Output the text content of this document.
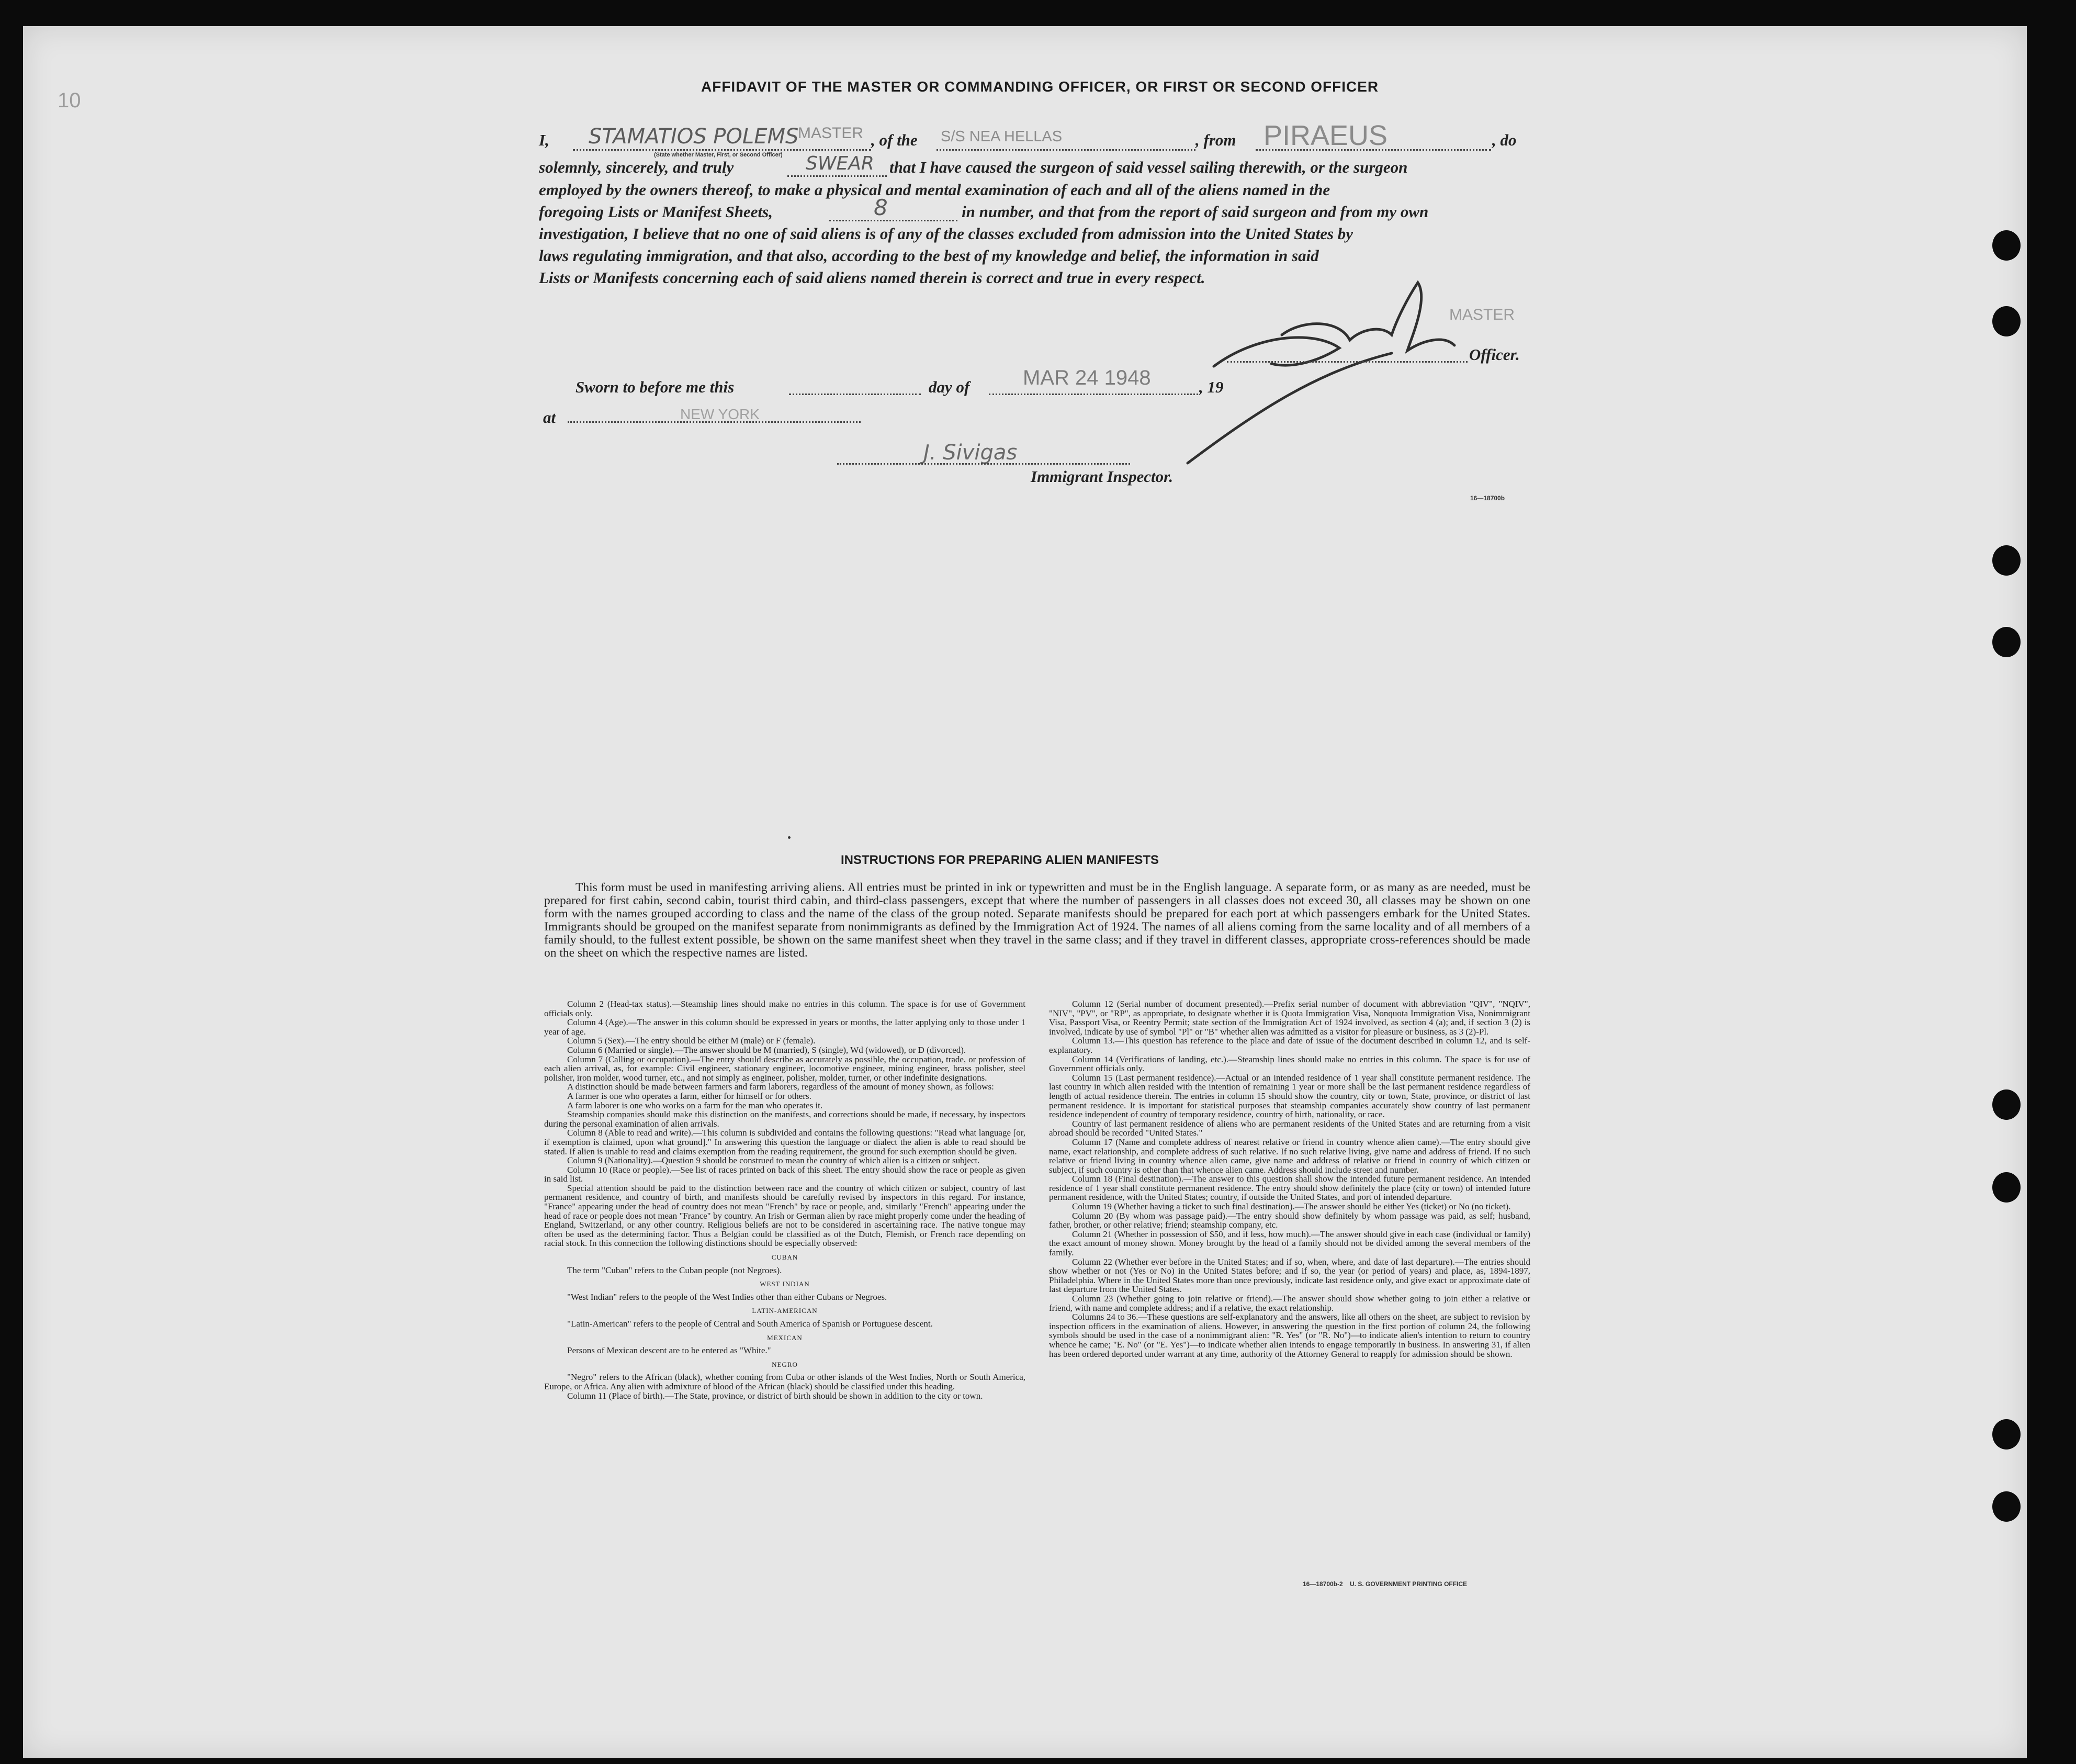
10
AFFIDAVIT OF THE MASTER OR COMMANDING OFFICER, OR FIRST OR SECOND OFFICER
I, STAMATIOS POLEMS
MASTER
(State whether Master, First, or Second Officer)
, of the S/S NEA HELLAS	, from PIRAEUS	, do
solemnly, sincerely, and truly	SWEAR that I have caused the surgeon of said vessel sailing therewith, or the surgeon
employed by the owners thereof, to make a physical and mental examination of each and all of the aliens named in the
foregoing Lists or Manifest Sheets,	8	in number, and that from the report of said surgeon and from my own
investigation, I believe that no one of said aliens is of any of the classes excluded from admission into the United States by
laws regulating immigration, and that also, according to the best of my knowledge and belief, the information in said
Lists or Manifests concerning each of said aliens named therein is correct and true in every respect.
MASTER
Officer.
Sworn to before me this	day of	MAR 24 1948	, 19
at	NEW YORK
J. Sivigas
Immigrant Inspector.
16—18700b
INSTRUCTIONS FOR PREPARING ALIEN MANIFESTS

This form must be used in manifesting arriving aliens. All entries must be printed in ink or typewritten and must be in the English language. A separate form, or as many as are needed, must be prepared for first cabin, second cabin, tourist third cabin, and third-class passengers, except that where the number of passengers in all classes does not exceed 30, all classes may be shown on one form with the names grouped according to class and the name of the class of the group noted. Separate manifests should be prepared for each port at which passengers embark for the United States. Immigrants should be grouped on the manifest separate from nonimmigrants as defined by the Immigration Act of 1924. The names of all aliens coming from the same locality and of all members of a family should, to the fullest extent possible, be shown on the same manifest sheet when they travel in the same class; and if they travel in different classes, appropriate cross-references should be made on the sheet on which the respective names are listed.

Column 2 (Head-tax status).—Steamship lines should make no entries in this column. The space is for use of Government officials only.

Column 4 (Age).—The answer in this column should be expressed in years or months, the latter applying only to those under 1 year of age.

Column 5 (Sex).—The entry should be either M (male) or F (female).

Column 6 (Married or single).—The answer should be M (married), S (single), Wd (widowed), or D (divorced).

Column 7 (Calling or occupation).—The entry should describe as accurately as possible, the occupation, trade, or profession of each alien arrival, as, for example: Civil engineer, stationary engineer, locomotive engineer, mining engineer, brass polisher, steel polisher, iron molder, wood turner, etc., and not simply as engineer, polisher, molder, turner, or other indefinite designations.

A distinction should be made between farmers and farm laborers, regardless of the amount of money shown, as follows:

A farmer is one who operates a farm, either for himself or for others.

A farm laborer is one who works on a farm for the man who operates it.

Steamship companies should make this distinction on the manifests, and corrections should be made, if necessary, by inspectors during the personal examination of alien arrivals.

Column 8 (Able to read and write).—This column is subdivided and contains the following questions: "Read what language [or, if exemption is claimed, upon what ground]." In answering this question the language or dialect the alien is able to read should be stated. If alien is unable to read and claims exemption from the reading requirement, the ground for such exemption should be given.

Column 9 (Nationality).—Question 9 should be construed to mean the country of which alien is a citizen or subject.

Column 10 (Race or people).—See list of races printed on back of this sheet. The entry should show the race or people as given in said list.

Special attention should be paid to the distinction between race and the country of which citizen or subject, country of last permanent residence, and country of birth, and manifests should be carefully revised by inspectors in this regard. For instance, "France" appearing under the head of country does not mean "French" by race or people, and, similarly "French" appearing under the head of race or people does not mean "France" by country. An Irish or German alien by race might properly come under the heading of England, Switzerland, or any other country. Religious beliefs are not to be considered in ascertaining race. The native tongue may often be used as the determining factor. Thus a Belgian could be classified as of the Dutch, Flemish, or French race depending on racial stock. In this connection the following distinctions should be especially observed:

CUBAN

The term "Cuban" refers to the Cuban people (not Negroes).

WEST INDIAN

"West Indian" refers to the people of the West Indies other than either Cubans or Negroes.

LATIN-AMERICAN

"Latin-American" refers to the people of Central and South America of Spanish or Portuguese descent.

MEXICAN

Persons of Mexican descent are to be entered as "White."

NEGRO

"Negro" refers to the African (black), whether coming from Cuba or other islands of the West Indies, North or South America, Europe, or Africa. Any alien with admixture of blood of the African (black) should be classified under this heading.

Column 11 (Place of birth).—The State, province, or district of birth should be shown in addition to the city or town.

Column 12 (Serial number of document presented).—Prefix serial number of document with abbreviation "QIV", "NQIV", "NIV", "PV", or "RP", as appropriate, to designate whether it is Quota Immigration Visa, Nonquota Immigration Visa, Nonimmigrant Visa, Passport Visa, or Reentry Permit; state section of the Immigration Act of 1924 involved, as section 4 (a); and, if section 3 (2) is involved, indicate by use of symbol "Pl" or "B" whether alien was admitted as a visitor for pleasure or business, as 3 (2)-Pl.

Column 13.—This question has reference to the place and date of issue of the document described in column 12, and is self-explanatory.

Column 14 (Verifications of landing, etc.).—Steamship lines should make no entries in this column. The space is for use of Government officials only.

Column 15 (Last permanent residence).—Actual or an intended residence of 1 year shall constitute permanent residence. The last country in which alien resided with the intention of remaining 1 year or more shall be the last permanent residence regardless of length of actual residence therein. The entries in column 15 should show the country, city or town, State, province, or district of last permanent residence. It is important for statistical purposes that steamship companies accurately show country of last permanent residence independent of country of temporary residence, country of birth, nationality, or race.

Country of last permanent residence of aliens who are permanent residents of the United States and are returning from a visit abroad should be recorded "United States."

Column 17 (Name and complete address of nearest relative or friend in country whence alien came).—The entry should give name, exact relationship, and complete address of such relative. If no such relative living, give name and address of friend. If no such relative or friend living in country whence alien came, give name and address of relative or friend in country of which citizen or subject, if such country is other than that whence alien came. Address should include street and number.

Column 18 (Final destination).—The answer to this question shall show the intended future permanent residence. An intended residence of 1 year shall constitute permanent residence. The entry should show definitely the place (city or town) of intended future permanent residence, with the United States; country, if outside the United States, and port of intended departure.

Column 19 (Whether having a ticket to such final destination).—The answer should be either Yes (ticket) or No (no ticket).

Column 20 (By whom was passage paid).—The entry should show definitely by whom passage was paid, as self; husband, father, brother, or other relative; friend; steamship company, etc.

Column 21 (Whether in possession of $50, and if less, how much).—The answer should give in each case (individual or family) the exact amount of money shown. Money brought by the head of a family should not be divided among the several members of the family.

Column 22 (Whether ever before in the United States; and if so, when, where, and date of last departure).—The entries should show whether or not (Yes or No) in the United States before; and if so, the year (or period of years) and place, as, 1894-1897, Philadelphia. Where in the United States more than once previously, indicate last residence only, and give exact or approximate date of last departure from the United States.

Column 23 (Whether going to join relative or friend).—The answer should show whether going to join either a relative or friend, with name and complete address; and if a relative, the exact relationship.

Columns 24 to 36.—These questions are self-explanatory and the answers, like all others on the sheet, are subject to revision by inspection officers in the examination of aliens. However, in answering the question in the first portion of column 24, the following symbols should be used in the case of a nonimmigrant alien: "R. Yes" (or "R. No")—to indicate alien's intention to return to country whence he came; "E. No" (or "E. Yes")—to indicate whether alien intends to engage temporarily in business. In answering 31, if alien has been ordered deported under warrant at any time, authority of the Attorney General to reapply for admission should be shown.

16—18700b-2    U. S. GOVERNMENT PRINTING OFFICE
